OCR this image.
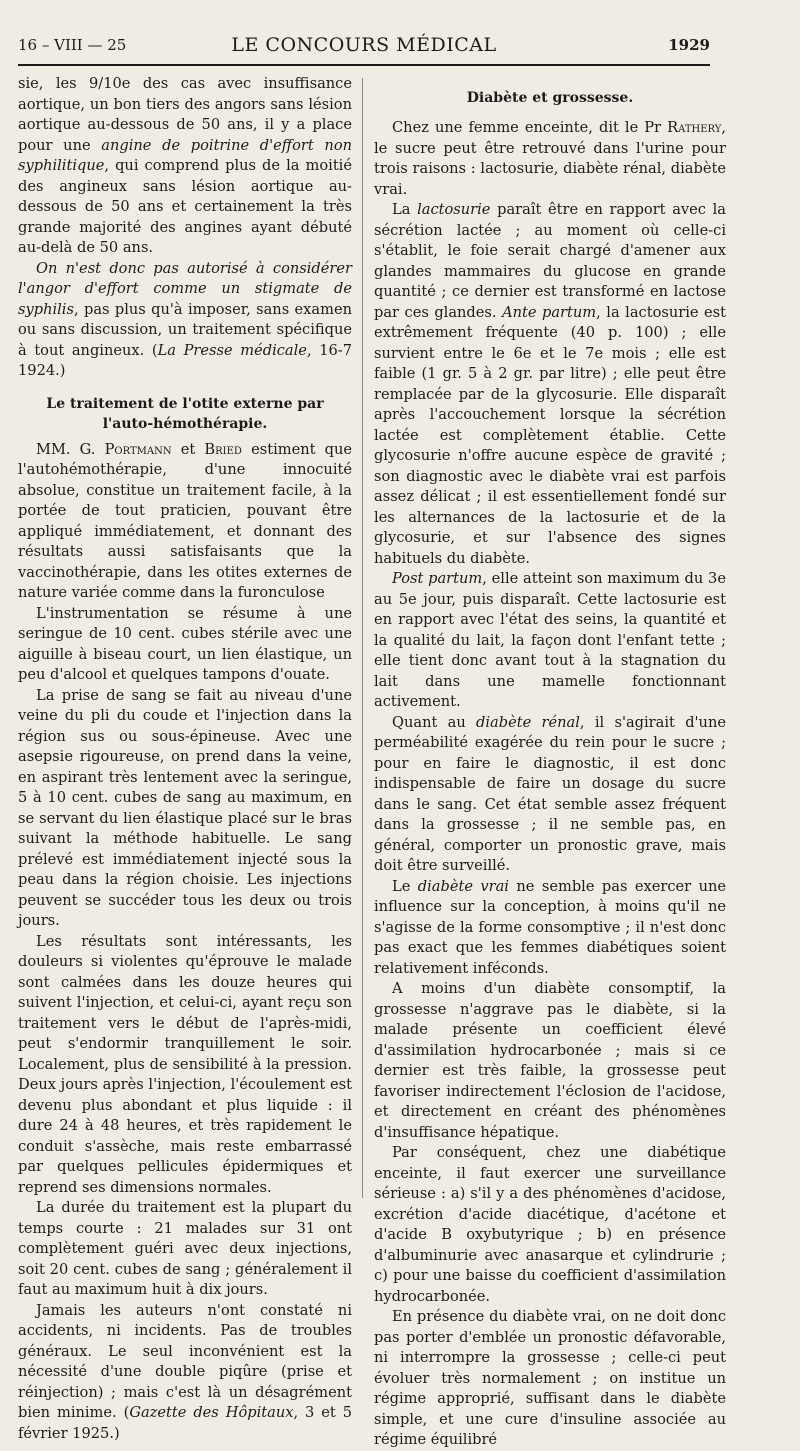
16 – VIII — 25	LE CONCOURS MÉDICAL	1929

sie, les 9/10e des cas avec insuffisance aortique, un bon tiers des angors sans lésion aortique au-dessous de 50 ans, il y a place pour une angine de poitrine d'effort non syphilitique, qui comprend plus de la moitié des angineux sans lésion aortique au-dessous de 50 ans et certainement la très grande majorité des angines ayant débuté au-delà de 50 ans.

On n'est donc pas autorisé à considérer l'angor d'effort comme un stigmate de syphilis, pas plus qu'à imposer, sans examen ou sans discussion, un traitement spécifique à tout angineux. (La Presse médicale, 16-7 1924.)

Le traitement de l'otite externe par l'auto-hémothérapie.

MM. G. Portmann et Bried estiment que l'autohémothérapie, d'une innocuité absolue, constitue un traitement facile, à la portée de tout praticien, pouvant être appliqué immédiatement, et donnant des résultats aussi satisfaisants que la vaccinothérapie, dans les otites externes de nature variée comme dans la furonculose

L'instrumentation se résume à une seringue de 10 cent. cubes stérile avec une aiguille à biseau court, un lien élastique, un peu d'alcool et quelques tampons d'ouate.

La prise de sang se fait au niveau d'une veine du pli du coude et l'injection dans la région sus ou sous-épineuse. Avec une asepsie rigoureuse, on prend dans la veine, en aspirant très lentement avec la seringue, 5 à 10 cent. cubes de sang au maximum, en se servant du lien élastique placé sur le bras suivant la méthode habituelle. Le sang prélevé est immédiatement injecté sous la peau dans la région choisie. Les injections peuvent se succéder tous les deux ou trois jours.

Les résultats sont intéressants, les douleurs si violentes qu'éprouve le malade sont calmées dans les douze heures qui suivent l'injection, et celui-ci, ayant reçu son traitement vers le début de l'après-midi, peut s'endormir tranquillement le soir. Localement, plus de sensibilité à la pression. Deux jours après l'injection, l'écoulement est devenu plus abondant et plus liquide : il dure 24 à 48 heures, et très rapidement le conduit s'assèche, mais reste embarrassé par quelques pellicules épidermiques et reprend ses dimensions normales.

La durée du traitement est la plupart du temps courte : 21 malades sur 31 ont complètement guéri avec deux injections, soit 20 cent. cubes de sang ; généralement il faut au maximum huit à dix jours.

Jamais les auteurs n'ont constaté ni accidents, ni incidents. Pas de troubles généraux. Le seul inconvénient est la nécessité d'une double piqûre (prise et réinjection) ; mais c'est là un désagrément bien minime. (Gazette des Hôpitaux, 3 et 5 février 1925.)

Diabète et grossesse.

Chez une femme enceinte, dit le Pr Rathery, le sucre peut être retrouvé dans l'urine pour trois raisons : lactosurie, diabète rénal, diabète vrai.

La lactosurie paraît être en rapport avec la sécrétion lactée ; au moment où celle-ci s'établit, le foie serait chargé d'amener aux glandes mammaires du glucose en grande quantité ; ce dernier est transformé en lactose par ces glandes. Ante partum, la lactosurie est extrêmement fréquente (40 p. 100) ; elle survient entre le 6e et le 7e mois ; elle est faible (1 gr. 5 à 2 gr. par litre) ; elle peut être remplacée par de la glycosurie. Elle disparaît après l'accouchement lorsque la sécrétion lactée est complètement établie. Cette glycosurie n'offre aucune espèce de gravité ; son diagnostic avec le diabète vrai est parfois assez délicat ; il est essentiellement fondé sur les alternances de la lactosurie et de la glycosurie, et sur l'absence des signes habituels du diabète.

Post partum, elle atteint son maximum du 3e au 5e jour, puis disparaît. Cette lactosurie est en rapport avec l'état des seins, la quantité et la qualité du lait, la façon dont l'enfant tette ; elle tient donc avant tout à la stagnation du lait dans une mamelle fonctionnant activement.

Quant au diabète rénal, il s'agirait d'une perméabilité exagérée du rein pour le sucre ; pour en faire le diagnostic, il est donc indispensable de faire un dosage du sucre dans le sang. Cet état semble assez fréquent dans la grossesse ; il ne semble pas, en général, comporter un pronostic grave, mais doit être surveillé.

Le diabète vrai ne semble pas exercer une influence sur la conception, à moins qu'il ne s'agisse de la forme consomptive ; il n'est donc pas exact que les femmes diabétiques soient relativement inféconds.

A moins d'un diabète consomptif, la grossesse n'aggrave pas le diabète, si la malade présente un coefficient élevé d'assimilation hydrocarbonée ; mais si ce dernier est très faible, la grossesse peut favoriser indirectement l'éclosion de l'acidose, et directement en créant des phénomènes d'insuffisance hépatique.

Par conséquent, chez une diabétique enceinte, il faut exercer une surveillance sérieuse : a) s'il y a des phénomènes d'acidose, excrétion d'acide diacétique, d'acétone et d'acide B oxybutyrique ; b) en présence d'albuminurie avec anasarque et cylindrurie ; c) pour une baisse du coefficient d'assimilation hydrocarbonée.

En présence du diabète vrai, on ne doit donc pas porter d'emblée un pronostic défavorable, ni interrompre la grossesse ; celle-ci peut évoluer très normalement ; on institue un régime approprié, suffisant dans le diabète simple, et une cure d'insuline associée au régime équilibré
